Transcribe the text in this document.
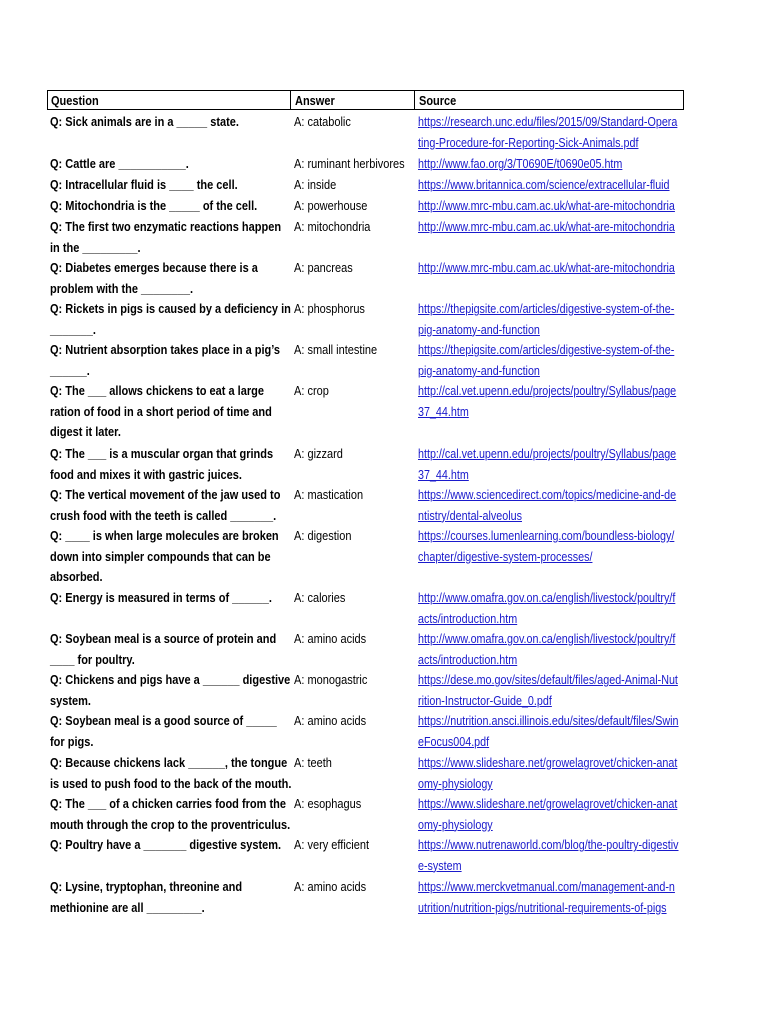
Question	Answer	Source
Q: Sick animals are in a _____ state.	A: catabolic	https://research.unc.edu/files/2015/09/Standard-Operating-Procedure-for-Reporting-Sick-Animals.pdf
Q: Cattle are ___________.	A: ruminant herbivores http://www.fao.org/3/T0690E/t0690e05.htm
Q: Intracellular fluid is ____ the cell.	A: inside	https://www.britannica.com/science/extracellular-fluid
Q: Mitochondria is the _____ of the cell.	A: powerhouse	http://www.mrc-mbu.cam.ac.uk/what-are-mitochondria
Q: The first two enzymatic reactions happen in the _________.
A: mitochondria	http://www.mrc-mbu.cam.ac.uk/what-are-mitochondria
Q: Diabetes emerges because there is a problem with the ________.
A: pancreas	http://www.mrc-mbu.cam.ac.uk/what-are-mitochondria
Q: Rickets in pigs is caused by a deficiency in _______.
A: phosphorus	https://thepigsite.com/articles/digestive-system-of-the-pig-anatomy-and-function
Q: Nutrient absorption takes place in a pig’s ______.
A: small intestine	https://thepigsite.com/articles/digestive-system-of-the-pig-anatomy-and-function
Q: The ___ allows chickens to eat a large ration of food in a short period of time and digest it later.
A: crop	http://cal.vet.upenn.edu/projects/poultry/Syllabus/page37_44.htm
Q: The ___ is a muscular organ that grinds food and mixes it with gastric juices.
A: gizzard	http://cal.vet.upenn.edu/projects/poultry/Syllabus/page37_44.htm
Q: The vertical movement of the jaw used to crush food with the teeth is called _______.
A: mastication	https://www.sciencedirect.com/topics/medicine-and-dentistry/dental-alveolus
Q: ____ is when large molecules are broken down into simpler compounds that can be absorbed.
A: digestion	https://courses.lumenlearning.com/boundless-biology/chapter/digestive-system-processes/
Q: Energy is measured in terms of ______.	A: calories	http://www.omafra.gov.on.ca/english/livestock/poultry/facts/introduction.htm
Q: Soybean meal is a source of protein and ____ for poultry.
A: amino acids	http://www.omafra.gov.on.ca/english/livestock/poultry/facts/introduction.htm
Q: Chickens and pigs have a ______ digestive system.
A: monogastric	https://dese.mo.gov/sites/default/files/aged-Animal-Nutrition-Instructor-Guide_0.pdf
Q: Soybean meal is a good source of _____ for pigs.
A: amino acids	https://nutrition.ansci.illinois.edu/sites/default/files/SwineFocus004.pdf
Q: Because chickens lack ______, the tongue is used to push food to the back of the mouth.
A: teeth	https://www.slideshare.net/growelagrovet/chicken-anatomy-physiology
Q: The ___ of a chicken carries food from the mouth through the crop to the proventriculus.
A: esophagus	https://www.slideshare.net/growelagrovet/chicken-anatomy-physiology
Q: Poultry have a _______ digestive system.	A: very efficient	https://www.nutrenaworld.com/blog/the-poultry-digestive-system
Q: Lysine, tryptophan, threonine and methionine are all _________.
A: amino acids	https://www.merckvetmanual.com/management-and-nutrition/nutrition-pigs/nutritional-requirements-of-pigs
